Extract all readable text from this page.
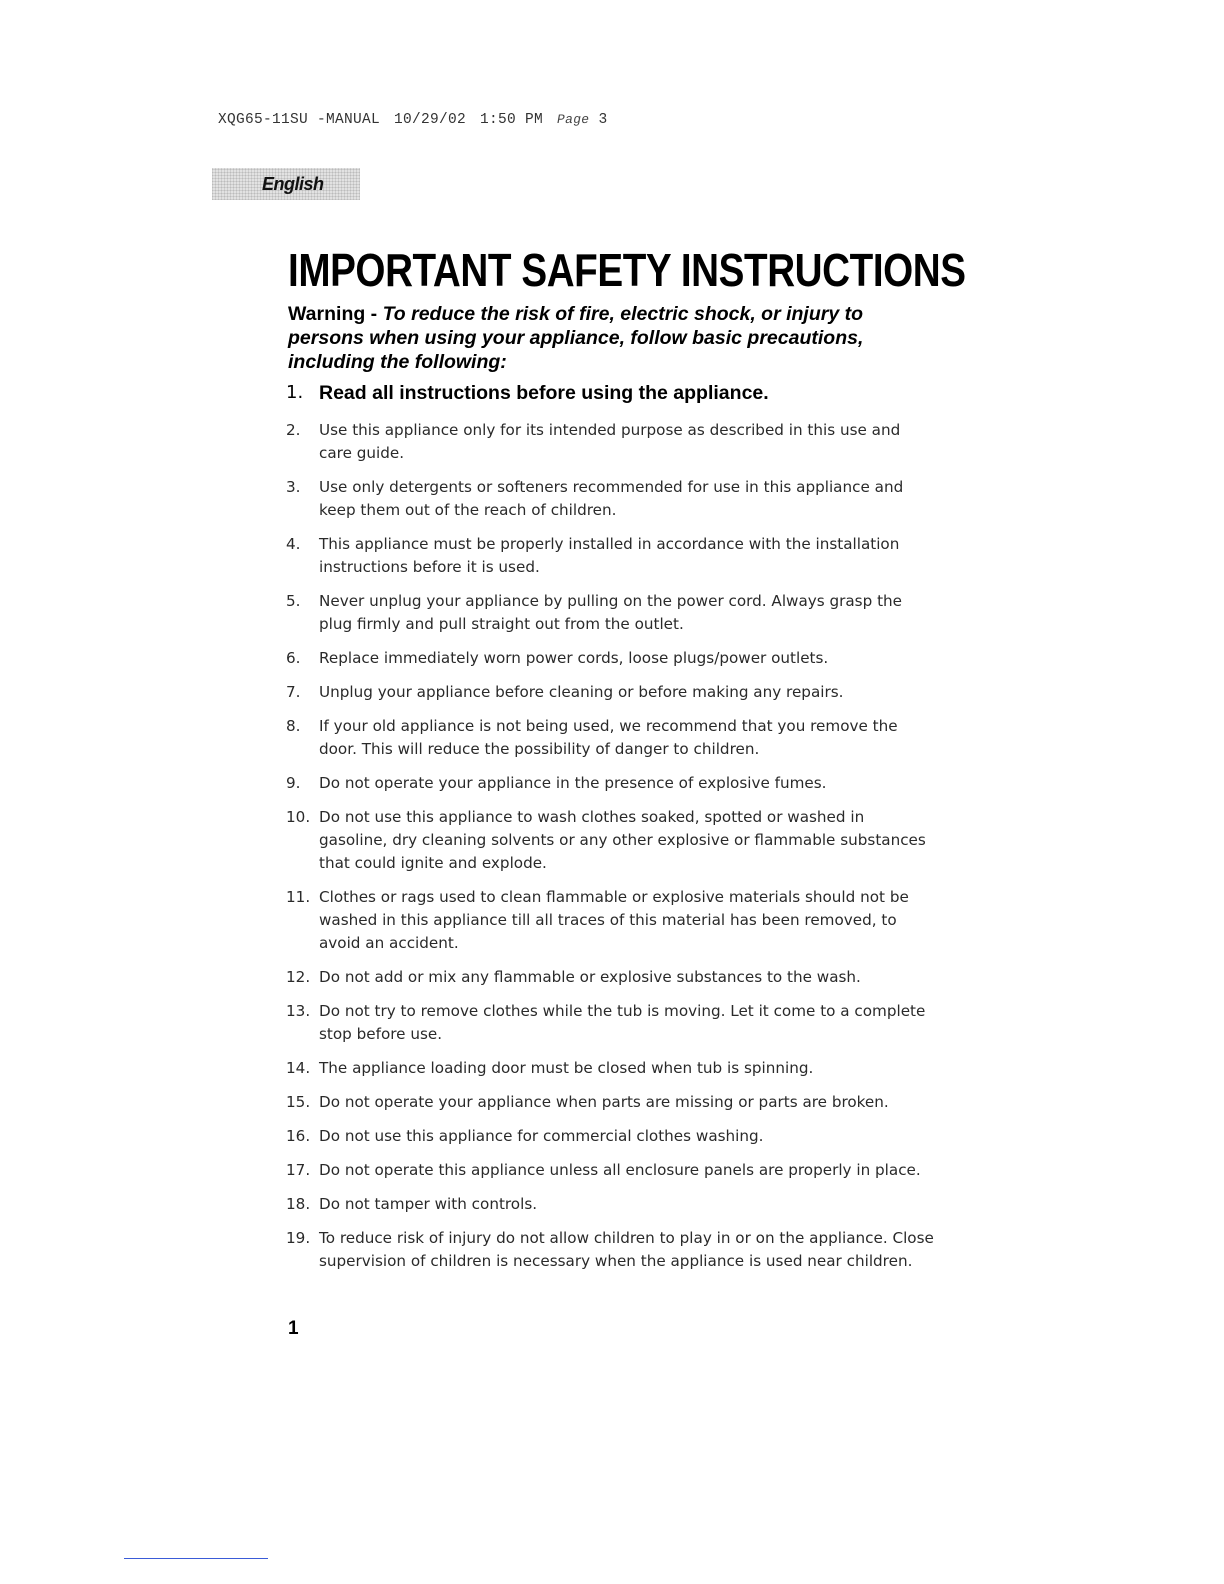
XQG65-11SU -MANUAL 10/29/02 1:50 PM Page 3
English
IMPORTANT SAFETY INSTRUCTIONS

Warning - To reduce the risk of fire, electric shock, or injury to persons when using your appliance, follow basic precautions, including the following:

1. Read all instructions before using the appliance.
2.	Use this appliance only for its intended purpose as described in this use and care guide.
3.	Use only detergents or softeners recommended for use in this appliance and keep them out of the reach of children.
4.	This appliance must be properly installed in accordance with the installation instructions before it is used.
5.	Never unplug your appliance by pulling on the power cord. Always grasp the plug firmly and pull straight out from the outlet.
6.	Replace immediately worn power cords, loose plugs/power outlets.
7.	Unplug your appliance before cleaning or before making any repairs.
8.	If your old appliance is not being used, we recommend that you remove the door. This will reduce the possibility of danger to children.
9.	Do not operate your appliance in the presence of explosive fumes.
10. Do not use this appliance to wash clothes soaked, spotted or washed in gasoline, dry cleaning solvents or any other explosive or flammable substances that could ignite and explode.
11. Clothes or rags used to clean flammable or explosive materials should not be washed in this appliance till all traces of this material has been removed, to avoid an accident.
12. Do not add or mix any flammable or explosive substances to the wash.
13. Do not try to remove clothes while the tub is moving. Let it come to a complete stop before use.
14. The appliance loading door must be closed when tub is spinning.
15. Do not operate your appliance when parts are missing or parts are broken.
16. Do not use this appliance for commercial clothes washing.
17. Do not operate this appliance unless all enclosure panels are properly in place.
18. Do not tamper with controls.
19. To reduce risk of injury do not allow children to play in or on the appliance. Close supervision of children is necessary when the appliance is used near children.
1
